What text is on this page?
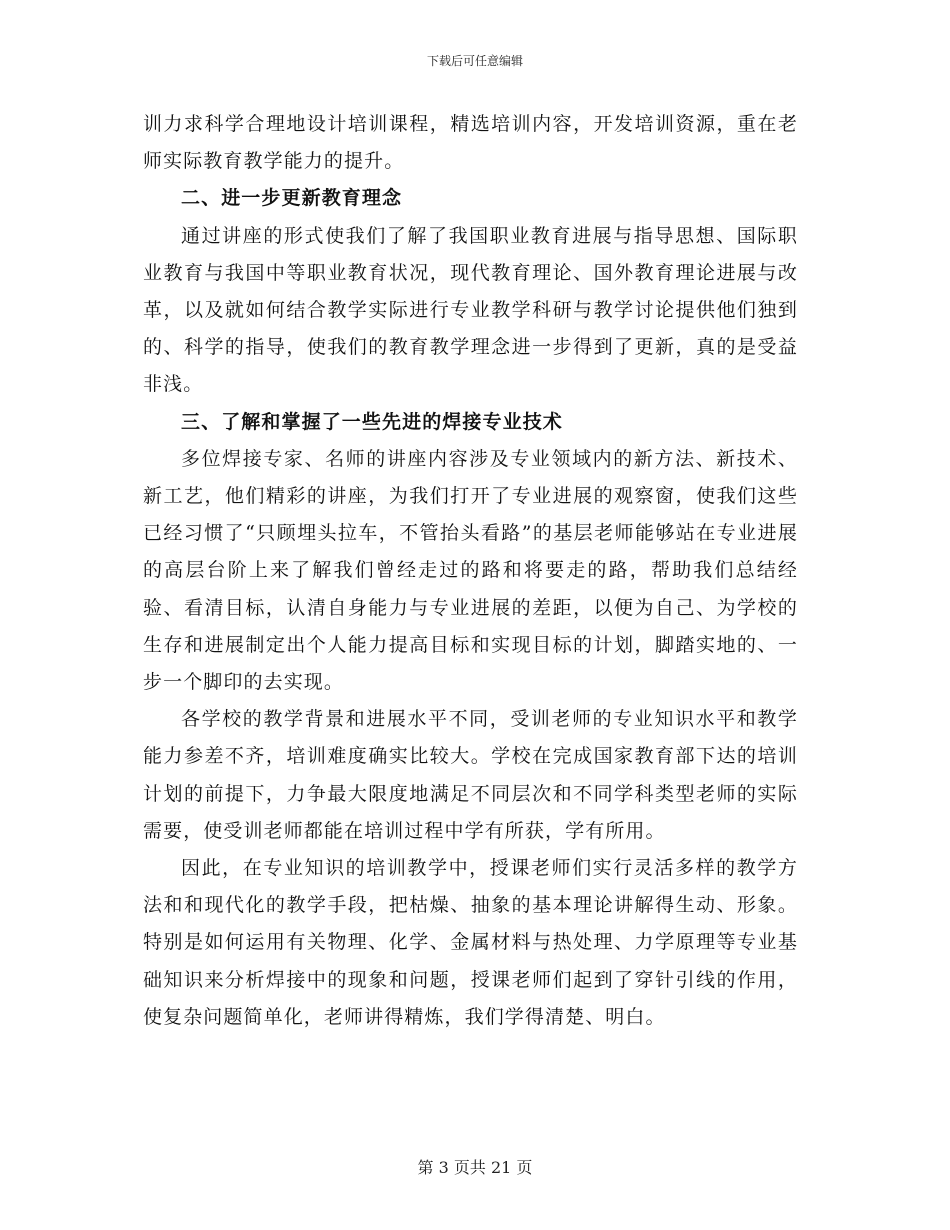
下载后可任意编辑

训力求科学合理地设计培训课程，精选培训内容，开发培训资源，重在老师实际教育教学能力的提升。

二、进一步更新教育理念

通过讲座的形式使我们了解了我国职业教育进展与指导思想、国际职业教育与我国中等职业教育状况，现代教育理论、国外教育理论进展与改革，以及就如何结合教学实际进行专业教学科研与教学讨论提供他们独到的、科学的指导，使我们的教育教学理念进一步得到了更新，真的是受益非浅。

三、了解和掌握了一些先进的焊接专业技术

多位焊接专家、名师的讲座内容涉及专业领域内的新方法、新技术、新工艺，他们精彩的讲座，为我们打开了专业进展的观察窗，使我们这些已经习惯了“只顾埋头拉车，不管抬头看路”的基层老师能够站在专业进展的高层台阶上来了解我们曾经走过的路和将要走的路，帮助我们总结经验、看清目标，认清自身能力与专业进展的差距，以便为自己、为学校的生存和进展制定出个人能力提高目标和实现目标的计划，脚踏实地的、一步一个脚印的去实现。

各学校的教学背景和进展水平不同，受训老师的专业知识水平和教学能力参差不齐，培训难度确实比较大。学校在完成国家教育部下达的培训计划的前提下，力争最大限度地满足不同层次和不同学科类型老师的实际需要，使受训老师都能在培训过程中学有所获，学有所用。

因此，在专业知识的培训教学中，授课老师们实行灵活多样的教学方法和和现代化的教学手段，把枯燥、抽象的基本理论讲解得生动、形象。特别是如何运用有关物理、化学、金属材料与热处理、力学原理等专业基础知识来分析焊接中的现象和问题，授课老师们起到了穿针引线的作用，使复杂问题简单化，老师讲得精炼，我们学得清楚、明白。

第 3 页共 21 页
